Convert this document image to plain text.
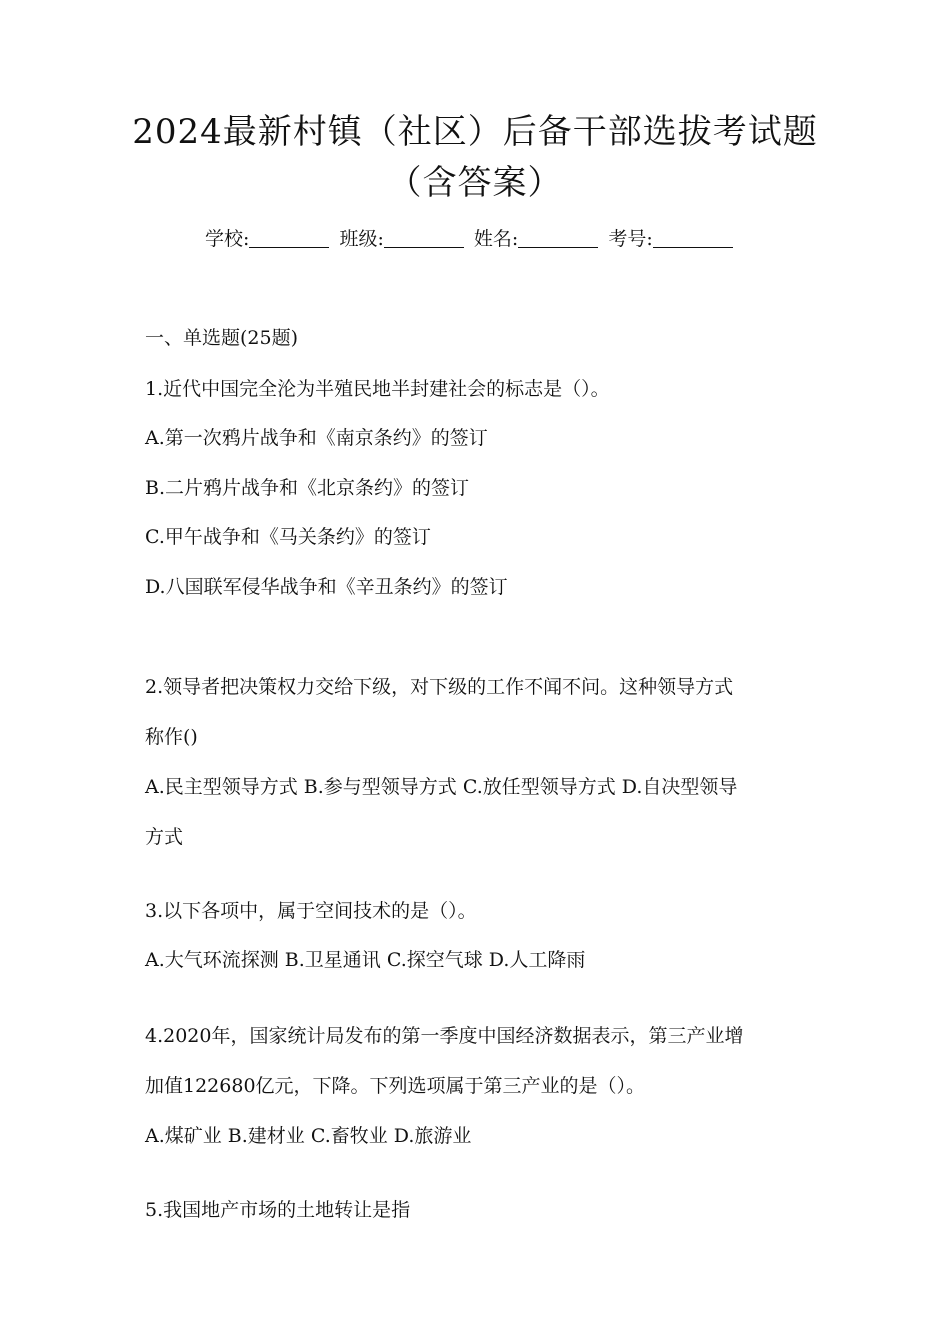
2024最新村镇（社区）后备干部选拔考试题
（含答案）
学校:	班级:	姓名:	考号:
一、单选题(25题)
1.近代中国完全沦为半殖民地半封建社会的标志是（）。
A.第一次鸦片战争和《南京条约》的签订
B.二片鸦片战争和《北京条约》的签订
C.甲午战争和《马关条约》的签订
D.八国联军侵华战争和《辛丑条约》的签订
2.领导者把决策权力交给下级，对下级的工作不闻不问。这种领导方式
称作()
A.民主型领导方式 B.参与型领导方式 C.放任型领导方式 D.自决型领导
方式
3.以下各项中，属于空间技术的是（）。
A.大气环流探测 B.卫星通讯 C.探空气球 D.人工降雨
4.2020年，国家统计局发布的第一季度中国经济数据表示，第三产业增
加值122680亿元，下降。下列选项属于第三产业的是（）。
A.煤矿业 B.建材业 C.畜牧业 D.旅游业
5.我国地产市场的土地转让是指
